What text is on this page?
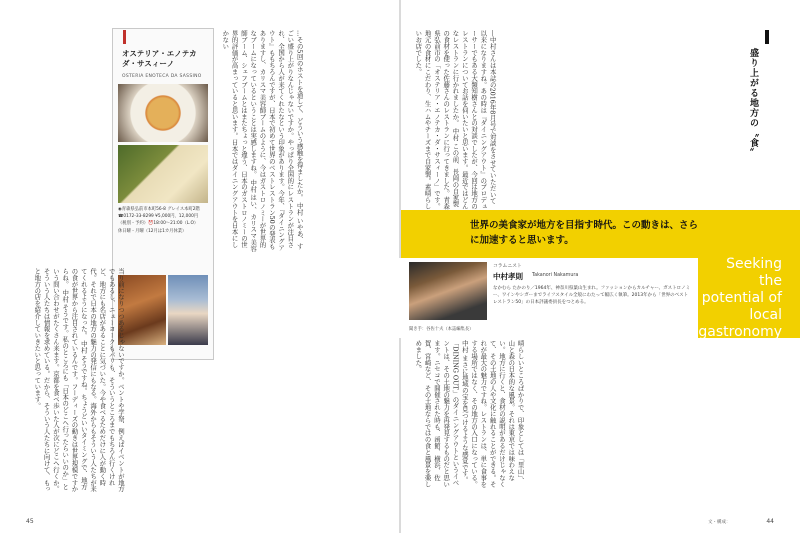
オステリア・エノテカ ダ・サスィーノ
OSTERIA ENOTECA DA SASSINO
◉青森県弘前市本町56-8 グレイス本町2階
☎0172-33-8299 ¥5,000円、12,000円
（税別・予約）⏰18:00〜21:00（L.O）
休日曜・月曜（12月は1カ月休業）	…その5回のホストを通して、どういう感触を得ましたか。 中村 いやあ、すごい盛り上がりなんじゃないですか。やっぱり全国的にレストランが注目され、全国から人が来てくれたなという印象があります。今年、『ダイニングアウト』ももちろんですが、日本で初めて世界のベストレストラン50の発表もありますし、カリスマ美容師ブームのように、今はガストロノミーが世界的なブームになっているということは実感しますね。 中村 はい、カリスマ美容師ブーム、シェフブームとはまたちょっと違う、日本のガストロノミーの世界的評価が高まっていると思います。日本ではダイニングアウトを日本にしかない
当り前になりつつあるじゃないですか。ベントや学祭、例えばイベントが地方でもあるし、ニューヨークもパリも、そういうところまでもちろん行くけれど、地方にも名店があることに気づいた。今や食べるためだけに人が動く時代。それで日本の地方の魅力の発信にもなる。海外からもそういう人たちが来てくれるようになった。 中村 そうですね。ちょうどいいタイミングで、地方の食が世界から注目されているんです。フーディーズの動きは世界規模ですからね。 中村 そうです。私のところにも「日本のどこへ行ったらいいのか」という問い合わせがたくさん来ます。京都を食べ歩いた人が次にどこへ行くか。そういう人たちは情報を求めている。だから、そういう人たちに向けて、もっと地方の店を紹介していきたいと思っています。
盛り上がる地方の〝食〟
―中村さんは本誌の2016年8月号で対談をさせていただいて以来になりますね。あの時は『ダイニングアウト』のプロデューサーでもある大類知樹さんとの対談でしたが、今回は地方のレストランについてお話を伺いたいと思います。最近ではどんなレストランに行かれましたか。 中村 この前、長岡の自家製の食材を使った佐藤さんのレストランに行ってきました。青森県弘前市の「オステリア・エノテカ・ダ・サスィーノ」です。地元の食材にこだわり、生ハムやチーズまで自家製。素晴らしいお店でした。
世界の美食家が地方を目指す時代。この動きは、さらに加速すると思います。
コラムニスト
中村孝則 Takanori Nakamura
なかむら たかのり／1964年、神奈川県葉山生まれ。ファッションからカルチャー、ガストロノミー、ワインやシガーまでライフスタイル全般にわたって幅広く執筆。2013年から「世界のベストレストラン50」の日本評議委員長をつとめる。
聞き手：谷佐十夫（本誌編集長）
Seeking
the
potential of
local
gastronomy
晴らしいところばかりで、印象としては「里山」、山と森の日本的な風景。それは東京では味わえない。地方に行くと、食材の説明があるだけじゃなくて、その土地の人や文化に触れることができる。それが最大の魅力ですね。レストランは、単に食事をする場所ではなく、その地方の入口になっている。 中村 まさに地域の宝を見つけるような感覚です。「DINING OUT」のダイニングアウトというイベントは、その土地の魅力を再発見するものだと思います。ニセコで開催された時も、函館、横浜、佐賀、宮崎など、その土地ならではの食と風景を楽しめました。
45	文・構成：	44
